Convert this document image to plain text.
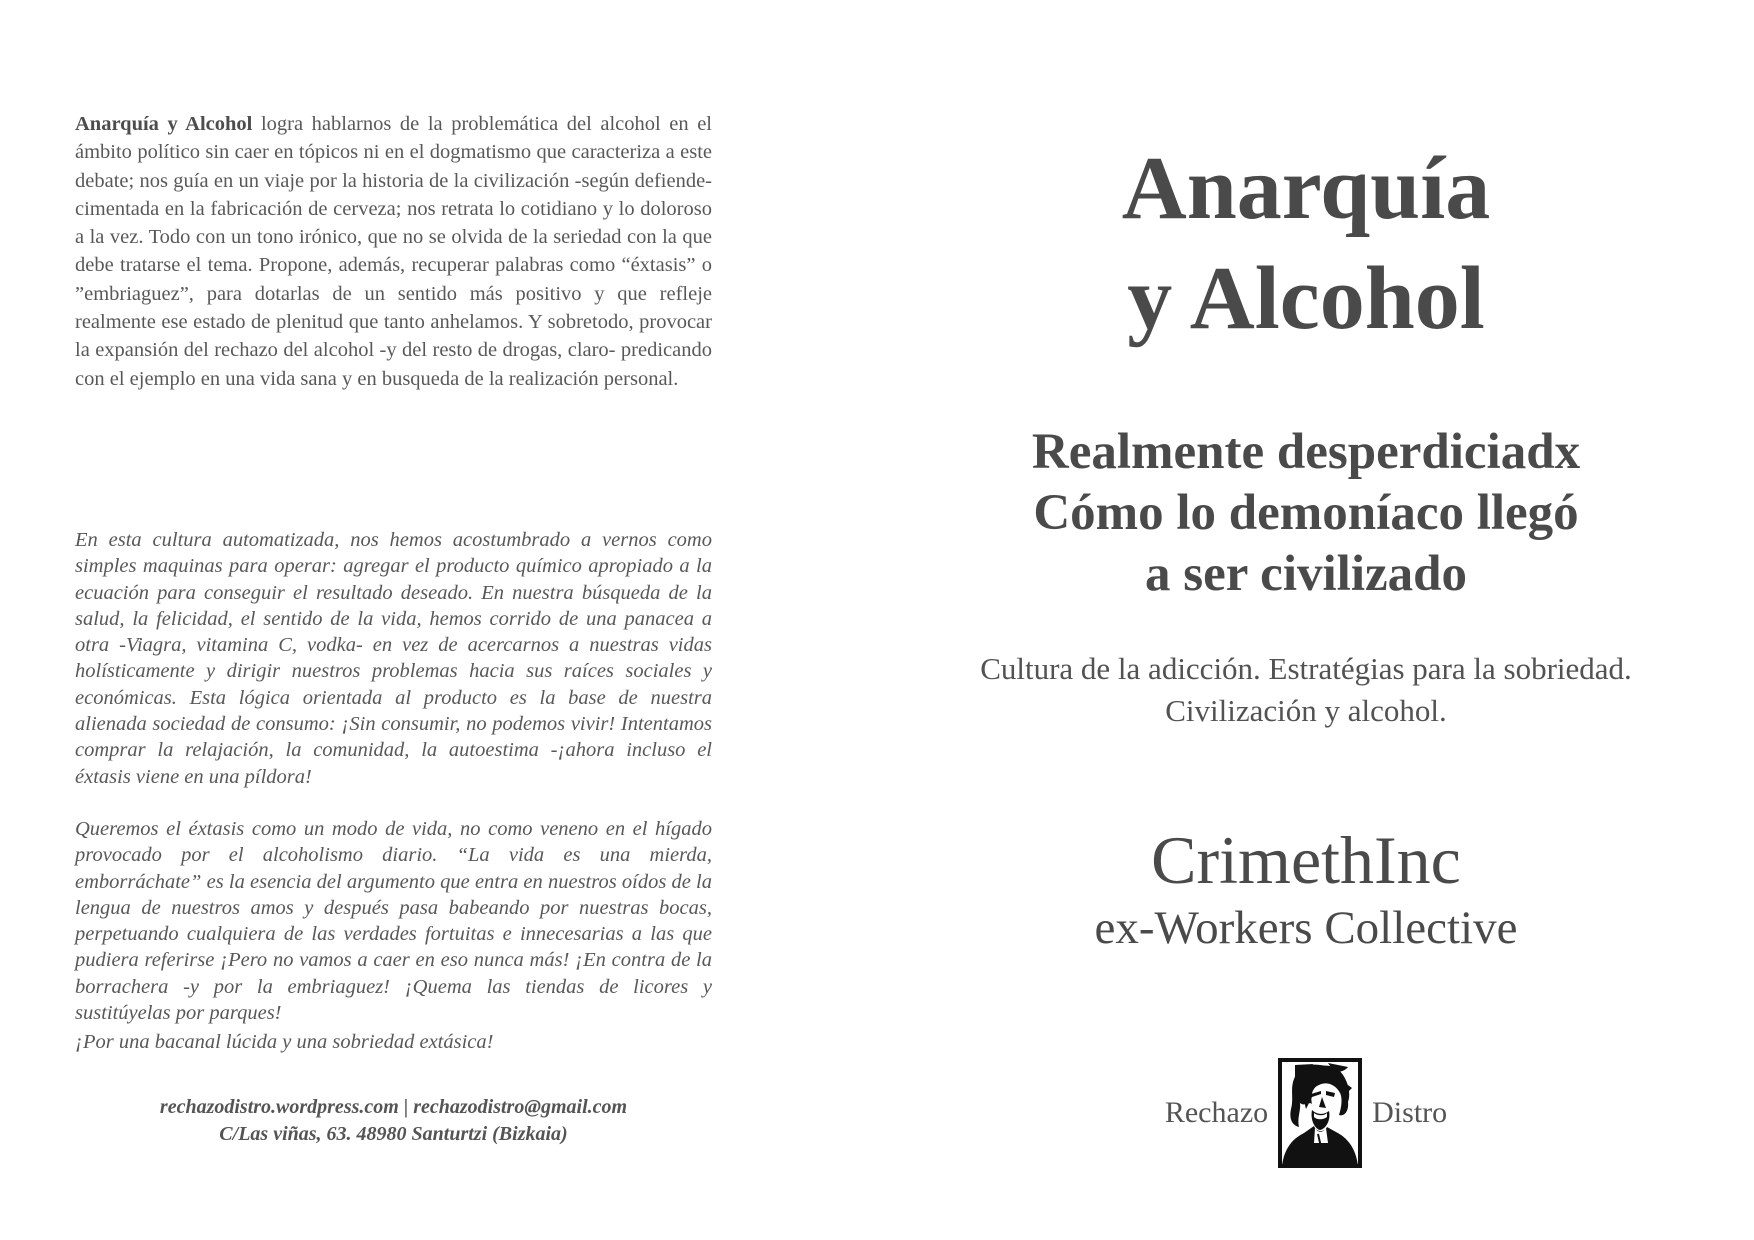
Anarquía y Alcohol logra hablarnos de la problemática del alcohol en el ámbito político sin caer en tópicos ni en el dogmatismo que caracteriza a este debate; nos guía en un viaje por la historia de la civilización -según defiende- cimentada en la fabricación de cerveza; nos retrata lo cotidiano y lo doloroso a la vez. Todo con un tono irónico, que no se olvida de la seriedad con la que debe tratarse el tema. Propone, además, recuperar palabras como “éxtasis” o ”embriaguez”, para dotarlas de un sentido más positivo y que refleje realmente ese estado de plenitud que tanto anhelamos. Y sobretodo, provocar la expansión del rechazo del alcohol -y del resto de drogas, claro- predicando con el ejemplo en una vida sana y en busqueda de la realización personal.

En esta cultura automatizada, nos hemos acostumbrado a vernos como simples maquinas para operar: agregar el producto químico apropiado a la ecuación para conseguir el resultado deseado. En nuestra búsqueda de la salud, la felicidad, el sentido de la vida, hemos corrido de una panacea a otra -Viagra, vitamina C, vodka- en vez de acercarnos a nuestras vidas holísticamente y dirigir nuestros problemas hacia sus raíces sociales y económicas. Esta lógica orientada al producto es la base de nuestra alienada sociedad de consumo: ¡Sin consumir, no podemos vivir! Intentamos comprar la relajación, la comunidad, la autoestima -¡ahora incluso el éxtasis viene en una píldora!

Queremos el éxtasis como un modo de vida, no como veneno en el hígado provocado por el alcoholismo diario. “La vida es una mierda, emborráchate” es la esencia del argumento que entra en nuestros oídos de la lengua de nuestros amos y después pasa babeando por nuestras bocas, perpetuando cualquiera de las verdades fortuitas e innecesarias a las que pudiera referirse ¡Pero no vamos a caer en eso nunca más! ¡En contra de la borrachera -y por la embriaguez! ¡Quema las tiendas de licores y sustitúyelas por parques!

¡Por una bacanal lúcida y una sobriedad extásica!

rechazodistro.wordpress.com | rechazodistro@gmail.com
C/Las viñas, 63. 48980 Santurtzi (Bizkaia)
Anarquía
y Alcohol
Realmente desperdiciadx
Cómo lo demoníaco llegó
a ser civilizado

Cultura de la adicción. Estratégias para la sobriedad.
Civilización y alcohol.

CrimethInc
ex-Workers Collective
Rechazo	Distro
